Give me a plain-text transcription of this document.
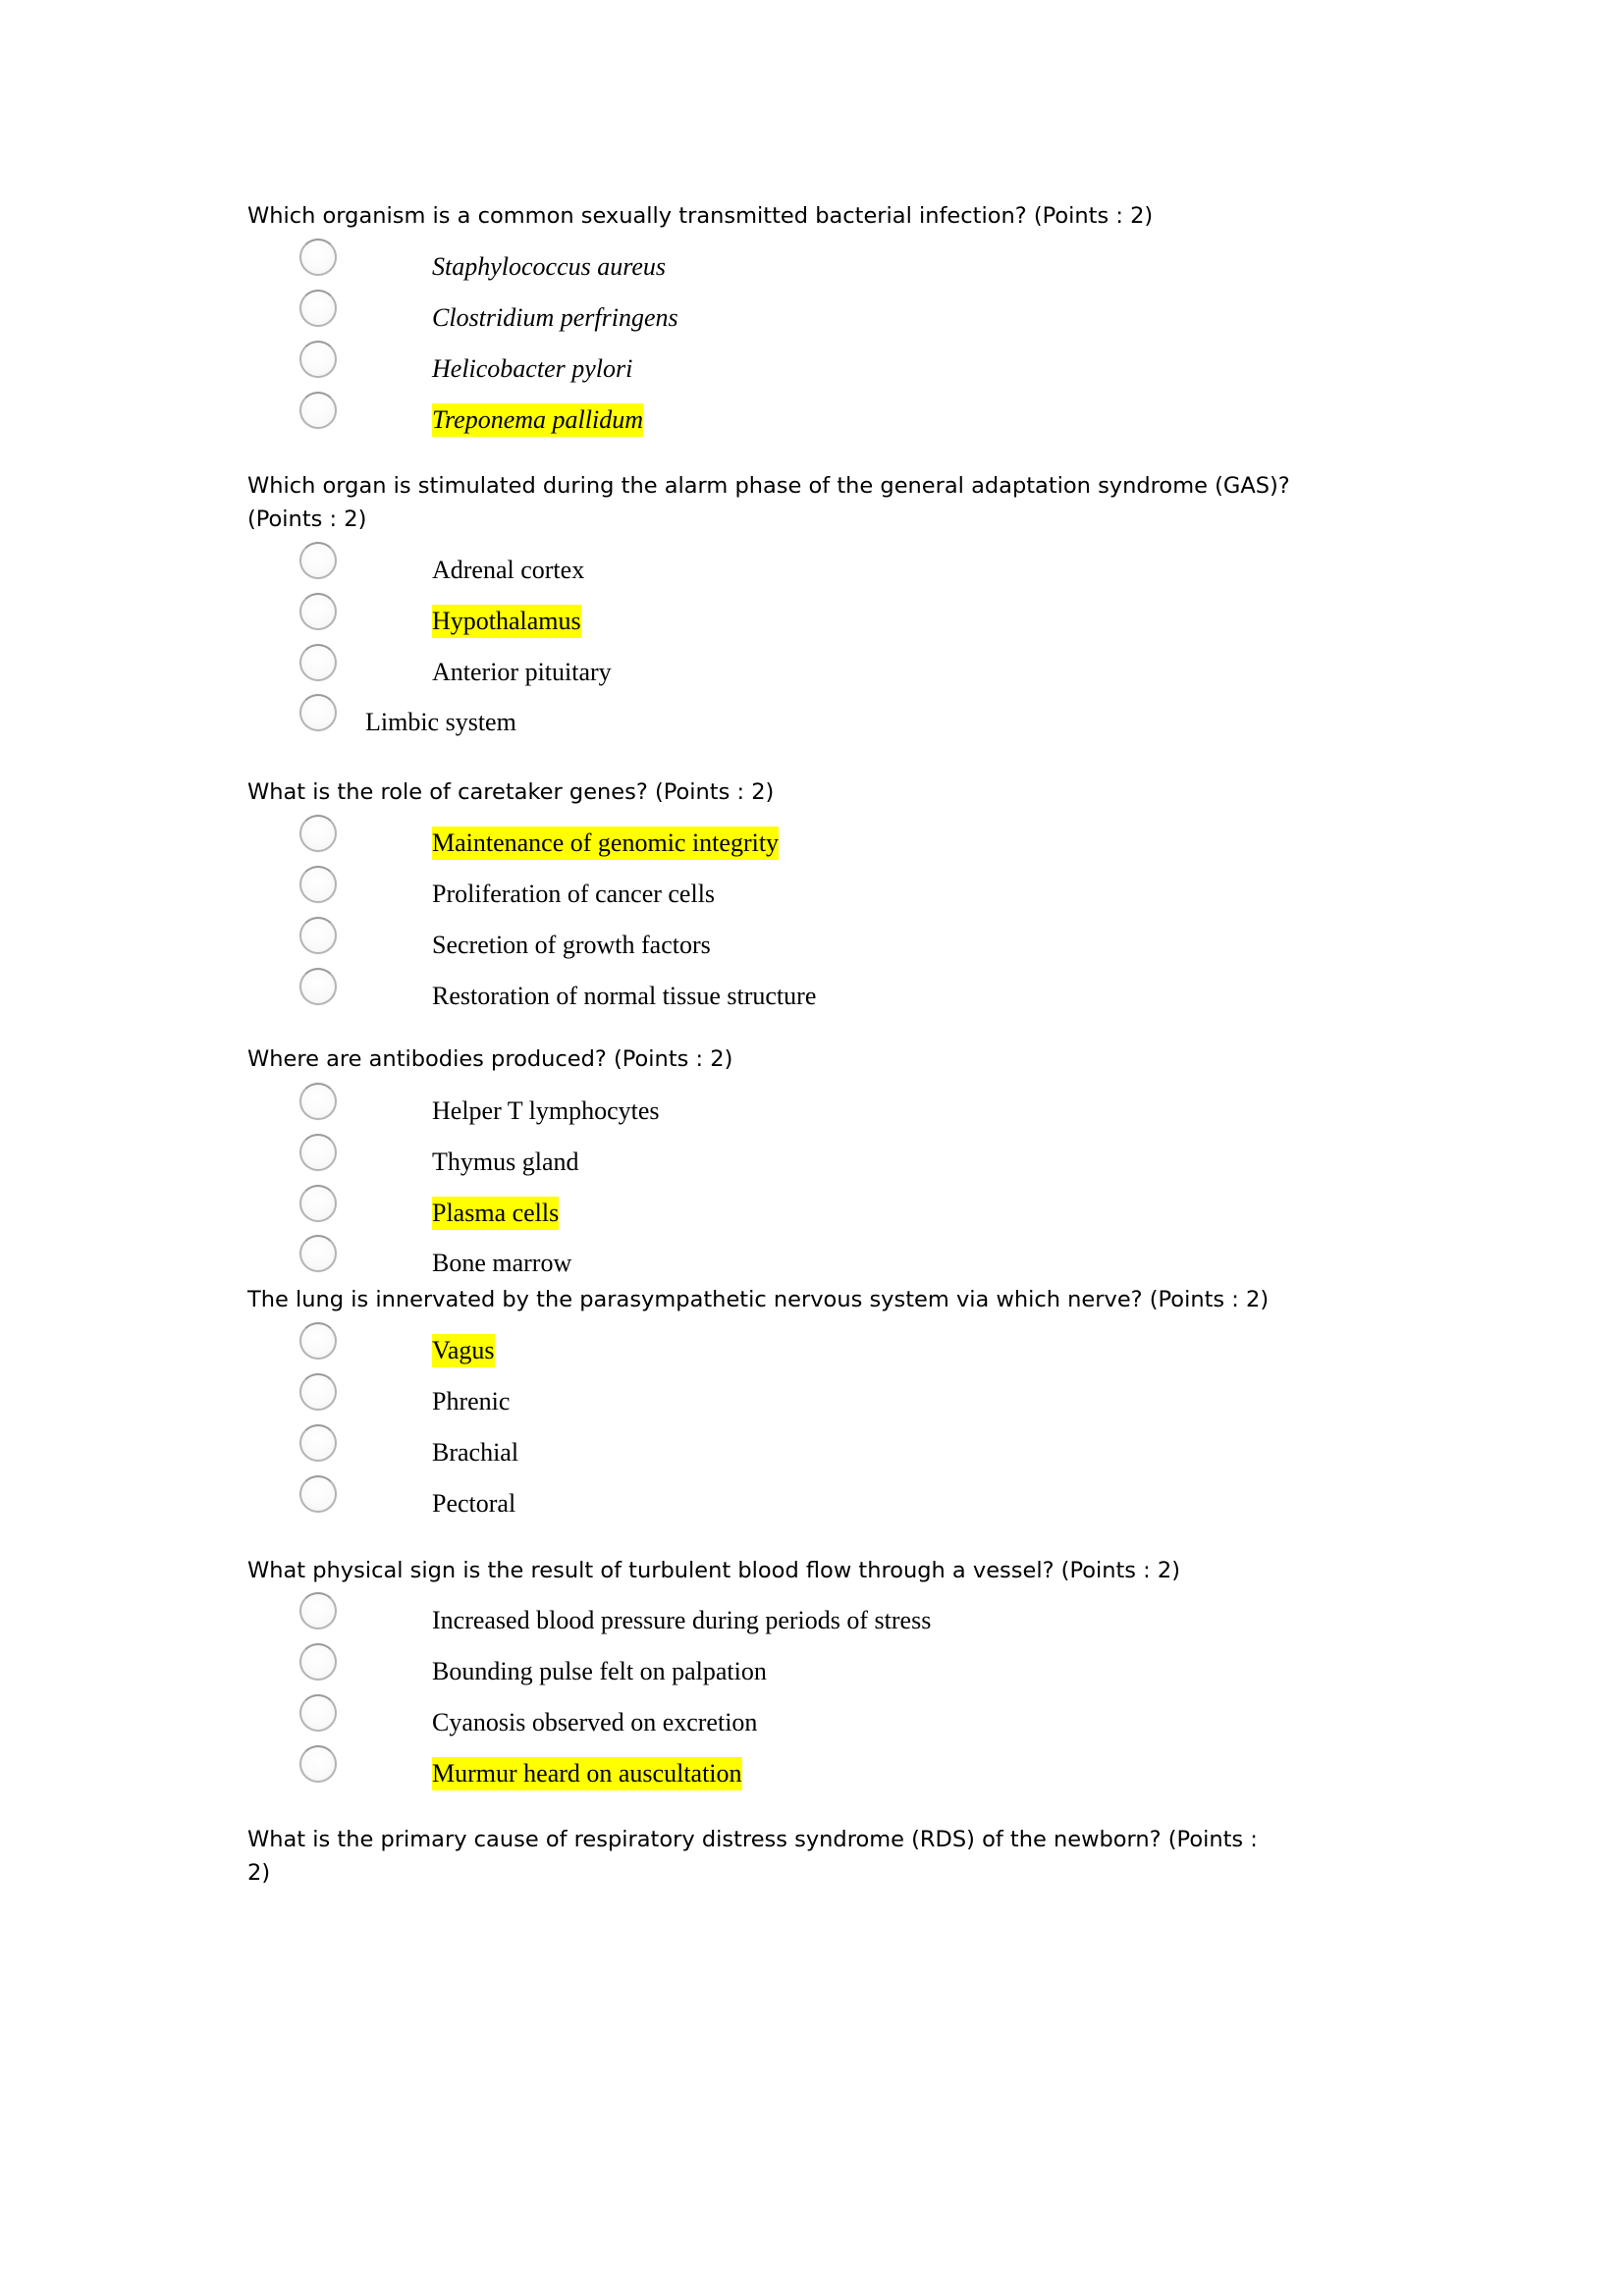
Which organism is a common sexually transmitted bacterial infection? (Points : 2)
Staphylococcus aureus
Clostridium perfringens
Helicobacter pylori
Treponema pallidum
Which organ is stimulated during the alarm phase of the general adaptation syndrome (GAS)?
(Points : 2)
Adrenal cortex
Hypothalamus
Anterior pituitary
Limbic system
What is the role of caretaker genes? (Points : 2)
Maintenance of genomic integrity
Proliferation of cancer cells
Secretion of growth factors
Restoration of normal tissue structure
Where are antibodies produced? (Points : 2)
Helper T lymphocytes
Thymus gland
Plasma cells
Bone marrow
The lung is innervated by the parasympathetic nervous system via which nerve? (Points : 2)
Vagus
Phrenic
Brachial
Pectoral
What physical sign is the result of turbulent blood flow through a vessel? (Points : 2)
Increased blood pressure during periods of stress
Bounding pulse felt on palpation
Cyanosis observed on excretion
Murmur heard on auscultation
What is the primary cause of respiratory distress syndrome (RDS) of the newborn? (Points :
2)
